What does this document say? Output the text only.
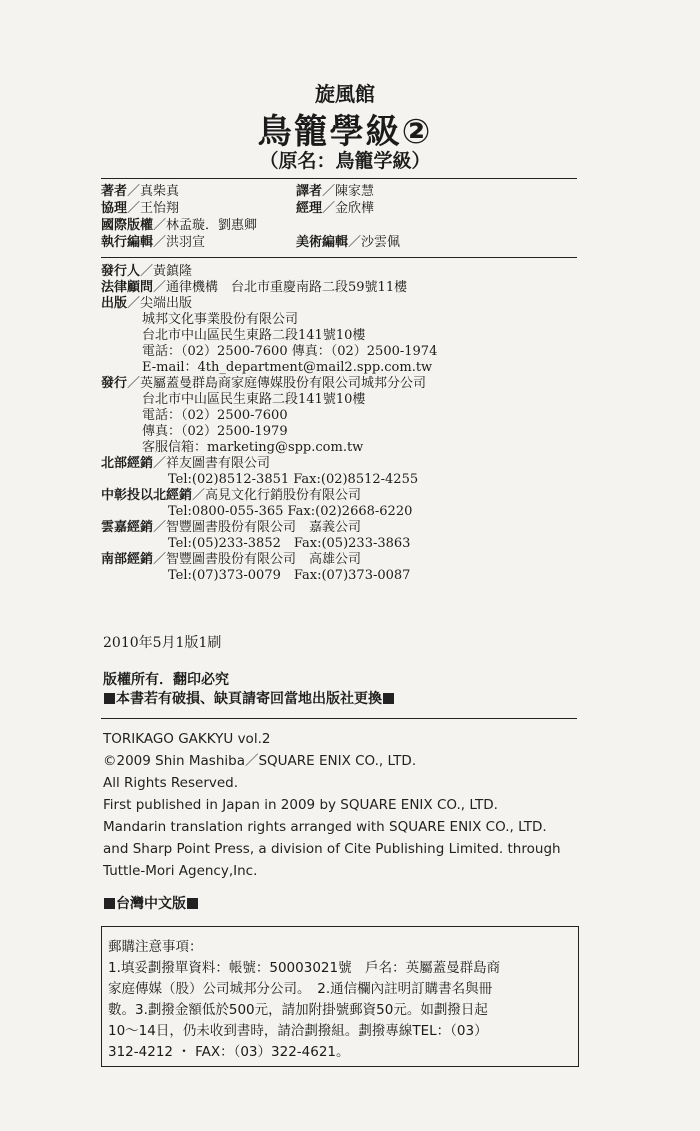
旋風館
鳥籠學級②
（原名：鳥籠学級）
著者／真柴真	譯者／陳家慧
協理／王怡翔	經理／金欣樺
國際版權／林孟璇．劉惠卿
執行編輯／洪羽宣	美術編輯／沙雲佩
發行人／黃鎮隆
法律顧問／通律機構　台北市重慶南路二段59號11樓
出版／尖端出版
城邦文化事業股份有限公司
台北市中山區民生東路二段141號10樓
電話：（02）2500-7600 傳真：（02）2500-1974
E-mail：4th_department@mail2.spp.com.tw
發行／英屬蓋曼群島商家庭傳媒股份有限公司城邦分公司
台北市中山區民生東路二段141號10樓
電話：（02）2500-7600
傳真：（02）2500-1979
客服信箱：marketing@spp.com.tw
北部經銷／祥友圖書有限公司
Tel:(02)8512-3851 Fax:(02)8512-4255
中彰投以北經銷／高見文化行銷股份有限公司
Tel:0800-055-365 Fax:(02)2668-6220
雲嘉經銷／智豐圖書股份有限公司　嘉義公司
Tel:(05)233-3852　Fax:(05)233-3863
南部經銷／智豐圖書股份有限公司　高雄公司
Tel:(07)373-0079　Fax:(07)373-0087
2010年5月1版1刷
版權所有．翻印必究
本書若有破損、缺頁請寄回當地出版社更換
TORIKAGO GAKKYU vol.2
©2009 Shin Mashiba／SQUARE ENIX CO., LTD.
All Rights Reserved.
First published in Japan in 2009 by SQUARE ENIX CO., LTD.
Mandarin translation rights arranged with SQUARE ENIX CO., LTD.
and Sharp Point Press, a division of Cite Publishing Limited. through
Tuttle-Mori Agency,Inc.
台灣中文版
郵購注意事項：
1.填妥劃撥單資料：帳號：50003021號　戶名：英屬蓋曼群島商
家庭傳媒（股）公司城邦分公司。　2.通信欄內註明訂購書名與冊
數。3.劃撥金額低於500元，請加附掛號郵資50元。如劃撥日起
10～14日，仍未收到書時，請洽劃撥組。劃撥專線TEL：（03）
312-4212 ・ FAX：（03）322-4621。
